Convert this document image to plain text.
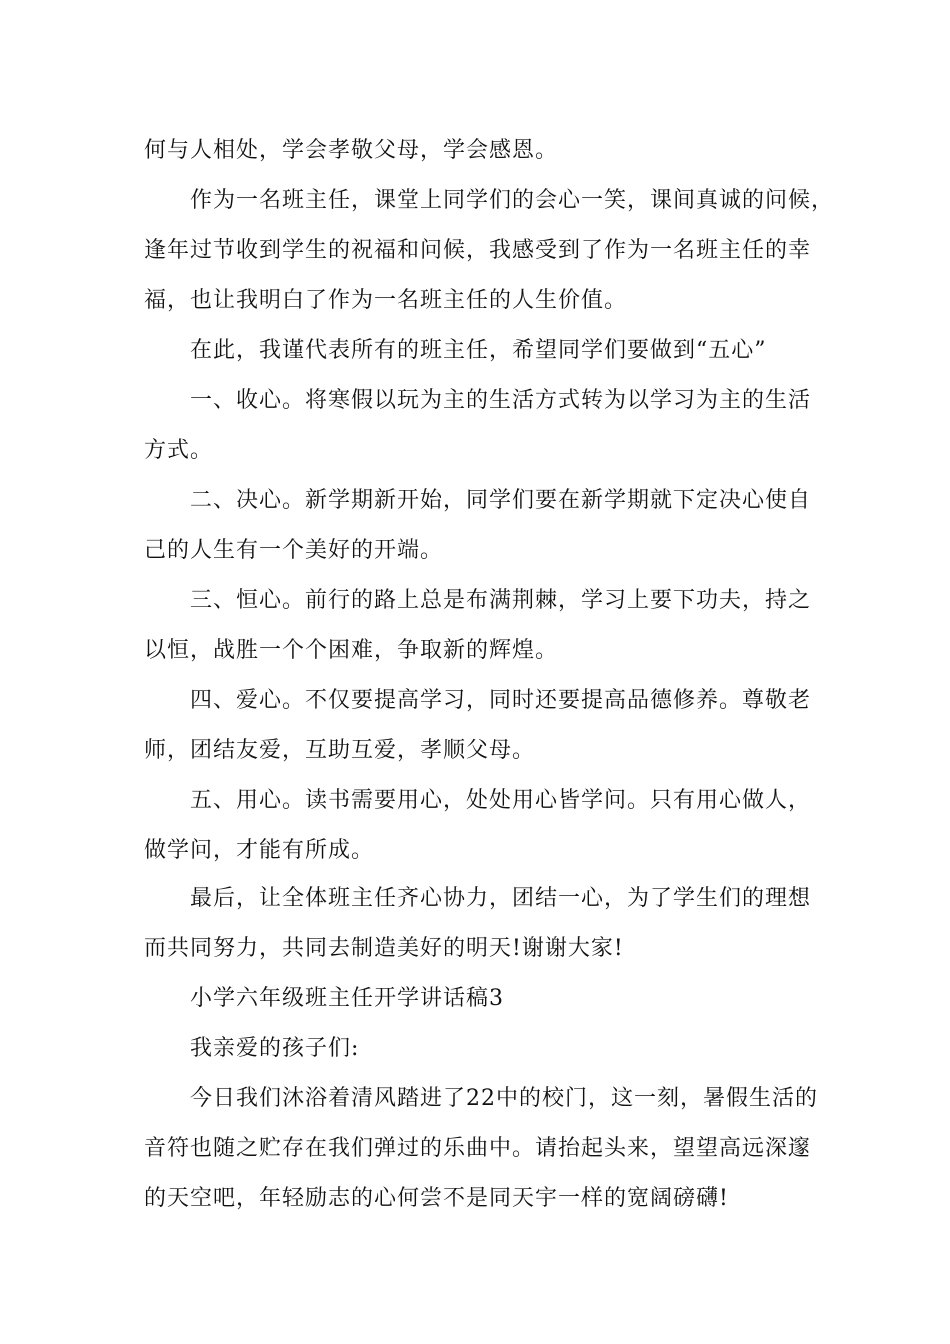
何与人相处，学会孝敬父母，学会感恩。
作为一名班主任，课堂上同学们的会心一笑，课间真诚的问候，
逢年过节收到学生的祝福和问候，我感受到了作为一名班主任的幸
福，也让我明白了作为一名班主任的人生价值。
在此，我谨代表所有的班主任，希望同学们要做到“五心”
一、收心。将寒假以玩为主的生活方式转为以学习为主的生活
方式。
二、决心。新学期新开始，同学们要在新学期就下定决心使自
己的人生有一个美好的开端。
三、恒心。前行的路上总是布满荆棘，学习上要下功夫，持之
以恒，战胜一个个困难，争取新的辉煌。
四、爱心。不仅要提高学习，同时还要提高品德修养。尊敬老
师，团结友爱，互助互爱，孝顺父母。
五、用心。读书需要用心，处处用心皆学问。只有用心做人，
做学问，才能有所成。
最后，让全体班主任齐心协力，团结一心，为了学生们的理想
而共同努力，共同去制造美好的明天!谢谢大家!
小学六年级班主任开学讲话稿3
我亲爱的孩子们:
今日我们沐浴着清风踏进了22中的校门，这一刻，暑假生活的
音符也随之贮存在我们弹过的乐曲中。请抬起头来，望望高远深邃
的天空吧，年轻励志的心何尝不是同天宇一样的宽阔磅礴!
